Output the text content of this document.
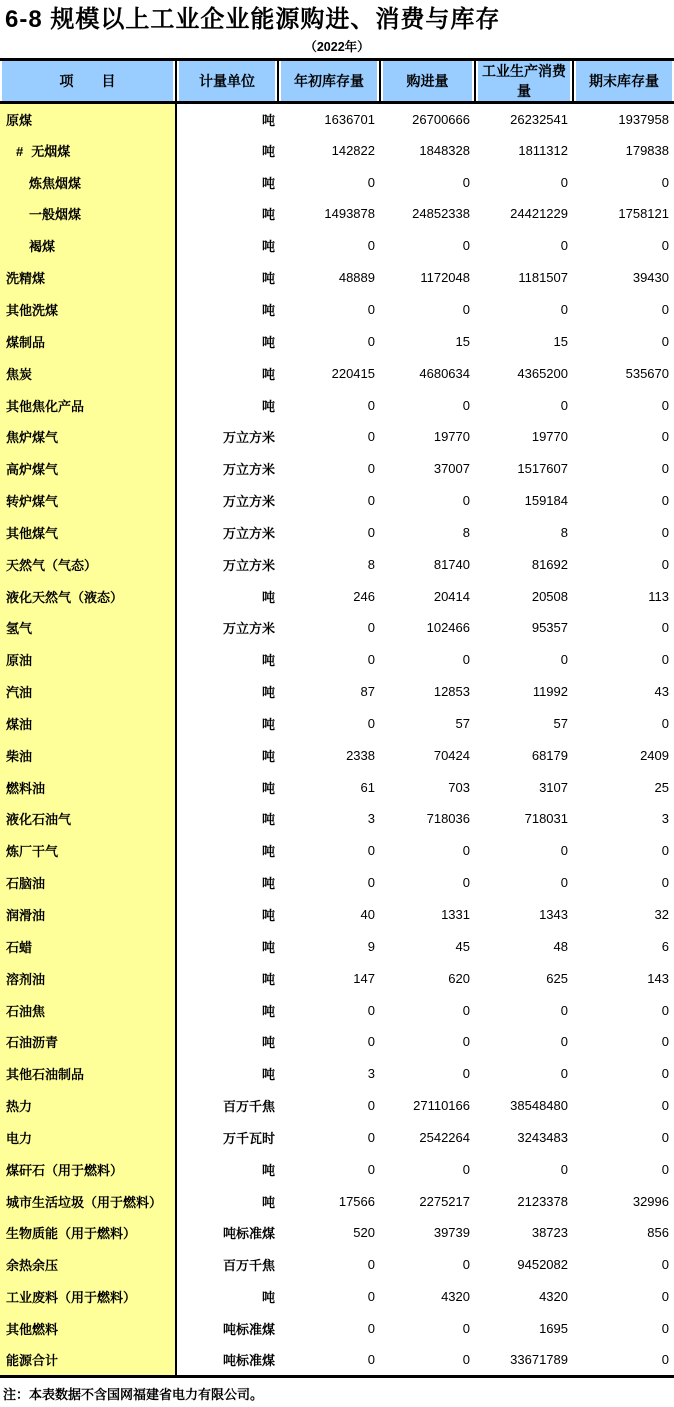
6-8 规模以上工业企业能源购进、消费与库存
（2022年）
项　　目	计量单位	年初库存量	购进量	工业生产消费量	期末库存量
原煤	吨	1636701	26700666	26232541	1937958
# 无烟煤	吨	142822	1848328	1811312	179838
炼焦烟煤	吨	0	0	0	0
一般烟煤	吨	1493878	24852338	24421229	1758121
褐煤	吨	0	0	0	0
洗精煤	吨	48889	1172048	1181507	39430
其他洗煤	吨	0	0	0	0
煤制品	吨	0	15	15	0
焦炭	吨	220415	4680634	4365200	535670
其他焦化产品	吨	0	0	0	0
焦炉煤气	万立方米	0	19770	19770	0
高炉煤气	万立方米	0	37007	1517607	0
转炉煤气	万立方米	0	0	159184	0
其他煤气	万立方米	0	8	8	0
天然气（气态）	万立方米	8	81740	81692	0
液化天然气（液态）	吨	246	20414	20508	113
氢气	万立方米	0	102466	95357	0
原油	吨	0	0	0	0
汽油	吨	87	12853	11992	43
煤油	吨	0	57	57	0
柴油	吨	2338	70424	68179	2409
燃料油	吨	61	703	3107	25
液化石油气	吨	3	718036	718031	3
炼厂干气	吨	0	0	0	0
石脑油	吨	0	0	0	0
润滑油	吨	40	1331	1343	32
石蜡	吨	9	45	48	6
溶剂油	吨	147	620	625	143
石油焦	吨	0	0	0	0
石油沥青	吨	0	0	0	0
其他石油制品	吨	3	0	0	0
热力	百万千焦	0	27110166	38548480	0
电力	万千瓦时	0	2542264	3243483	0
煤矸石（用于燃料）	吨	0	0	0	0
城市生活垃圾（用于燃料）	吨	17566	2275217	2123378	32996
生物质能（用于燃料）	吨标准煤	520	39739	38723	856
余热余压	百万千焦	0	0	9452082	0
工业废料（用于燃料）	吨	0	4320	4320	0
其他燃料	吨标准煤	0	0	1695	0
能源合计	吨标准煤	0	0	33671789	0
注：本表数据不含国网福建省电力有限公司。
